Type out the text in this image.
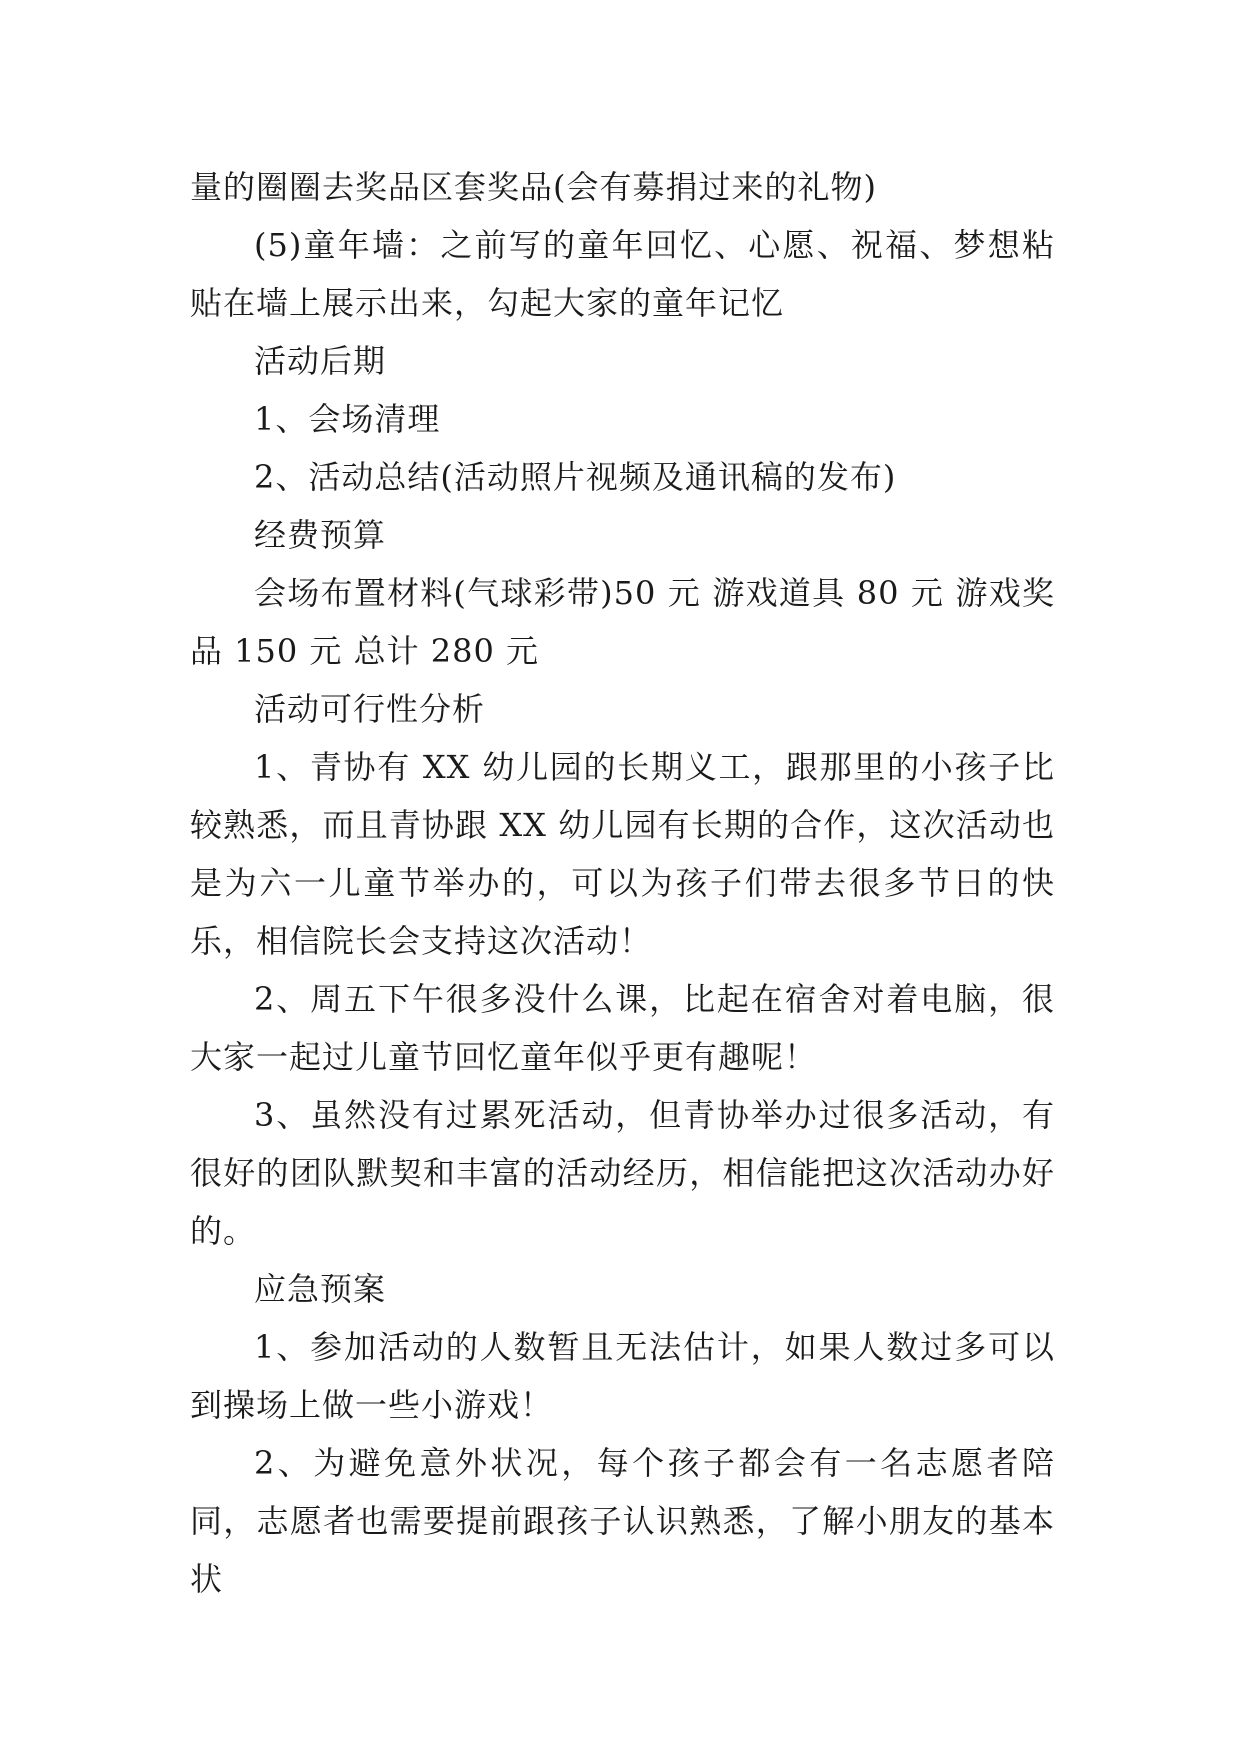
量的圈圈去奖品区套奖品(会有募捐过来的礼物)

(5)童年墙：之前写的童年回忆、心愿、祝福、梦想粘贴在墙上展示出来，勾起大家的童年记忆

活动后期

1、会场清理

2、活动总结(活动照片视频及通讯稿的发布)

经费预算

会场布置材料(气球彩带)50 元 游戏道具 80 元 游戏奖品 150 元 总计 280 元

活动可行性分析

1、青协有 XX 幼儿园的长期义工，跟那里的小孩子比较熟悉，而且青协跟 XX 幼儿园有长期的合作，这次活动也是为六一儿童节举办的，可以为孩子们带去很多节日的快乐，相信院长会支持这次活动！

2、周五下午很多没什么课，比起在宿舍对着电脑，很大家一起过儿童节回忆童年似乎更有趣呢！

3、虽然没有过累死活动，但青协举办过很多活动，有很好的团队默契和丰富的活动经历，相信能把这次活动办好的。

应急预案

1、参加活动的人数暂且无法估计，如果人数过多可以到操场上做一些小游戏！

2、为避免意外状况，每个孩子都会有一名志愿者陪同，志愿者也需要提前跟孩子认识熟悉，了解小朋友的基本状
